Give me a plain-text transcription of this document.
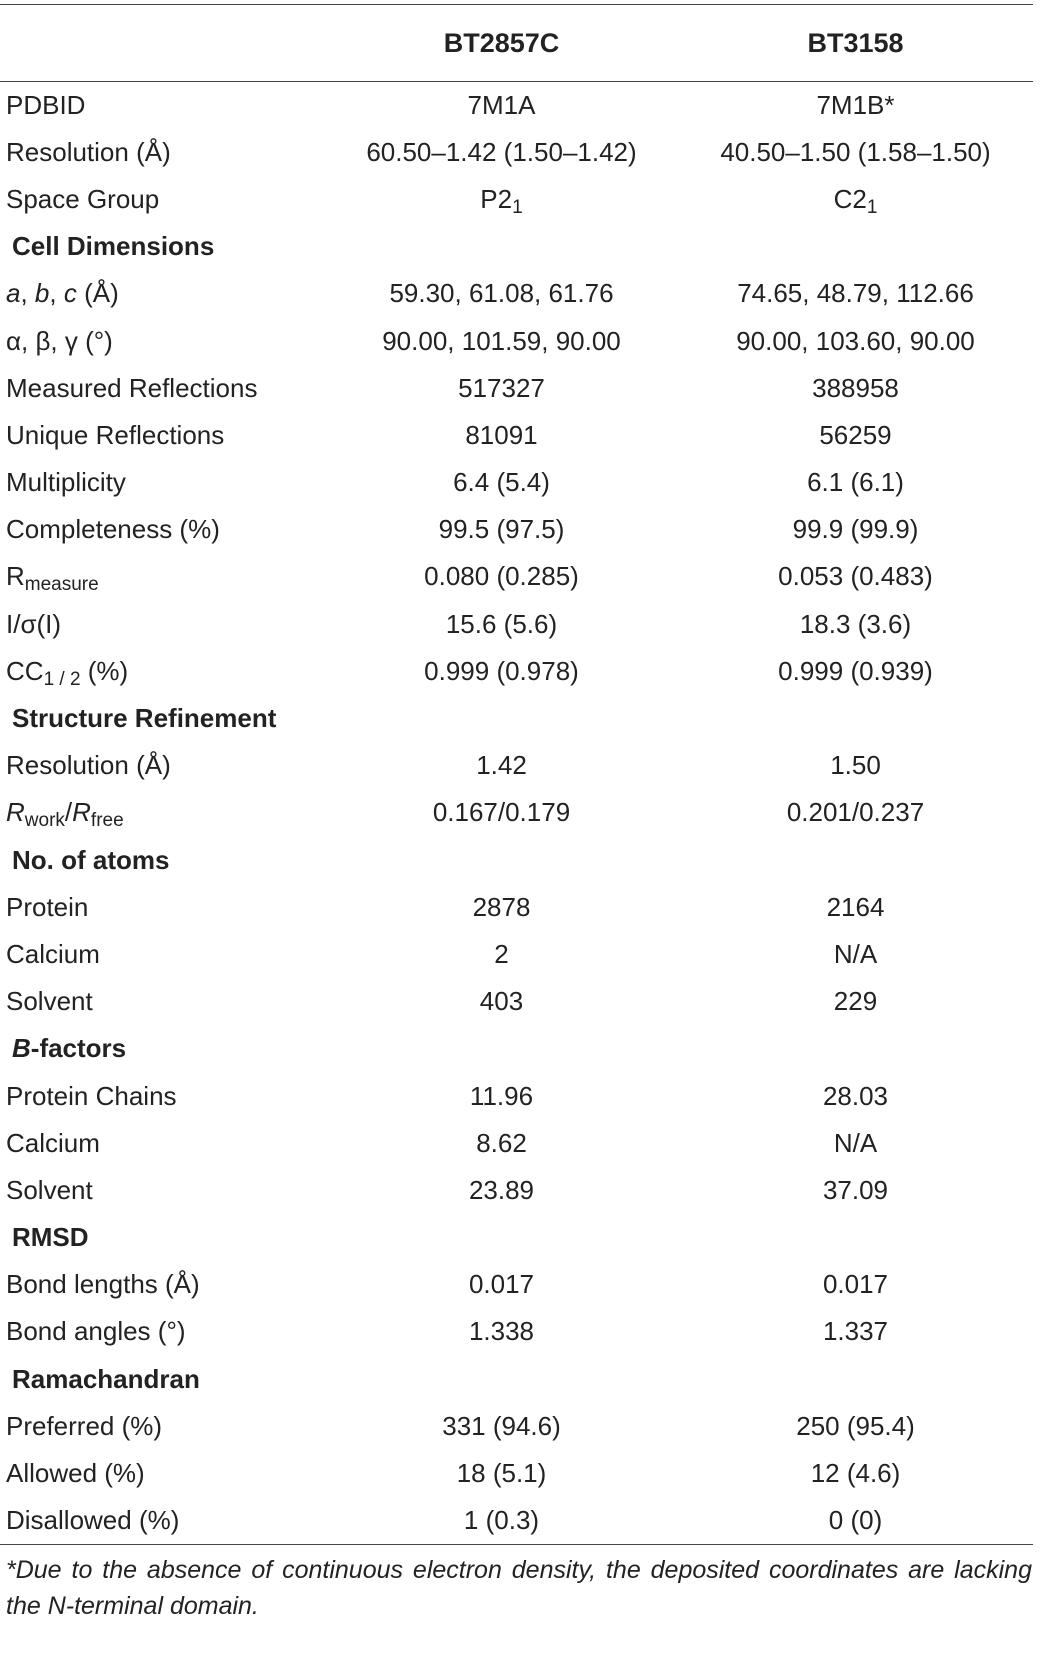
	BT2857C	BT3158
PDBID	7M1A	7M1B*
Resolution (Å)	60.50–1.42 (1.50–1.42)	40.50–1.50 (1.58–1.50)
Space Group	$P2_1$	$C2_1$
Cell Dimensions		
a, b, c (Å)	59.30, 61.08, 61.76	74.65, 48.79, 112.66
α, β, γ (°)	90.00, 101.59, 90.00	90.00, 103.60, 90.00
Measured Reflections	517327	388958
Unique Reflections	81091	56259
Multiplicity	6.4 (5.4)	6.1 (6.1)
Completeness (%)	99.5 (97.5)	99.9 (99.9)
$R_{measure}$	0.080 (0.285)	0.053 (0.483)
I/σ(I)	15.6 (5.6)	18.3 (3.6)
$CC_{1 / 2}$ (%)	0.999 (0.978)	0.999 (0.939)
Structure Refinement		
Resolution (Å)	1.42	1.50
$R_{work}/R_{free}$	0.167/0.179	0.201/0.237
No. of atoms		
Protein	2878	2164
Calcium	2	N/A
Solvent	403	229
B-factors		
Protein Chains	11.96	28.03
Calcium	8.62	N/A
Solvent	23.89	37.09
RMSD		
Bond lengths (Å)	0.017	0.017
Bond angles (°)	1.338	1.337
Ramachandran		
Preferred (%)	331 (94.6)	250 (95.4)
Allowed (%)	18 (5.1)	12 (4.6)
Disallowed (%)	1 (0.3)	0 (0)
*Due to the absence of continuous electron density, the deposited coordinates are lacking the N-terminal domain.
